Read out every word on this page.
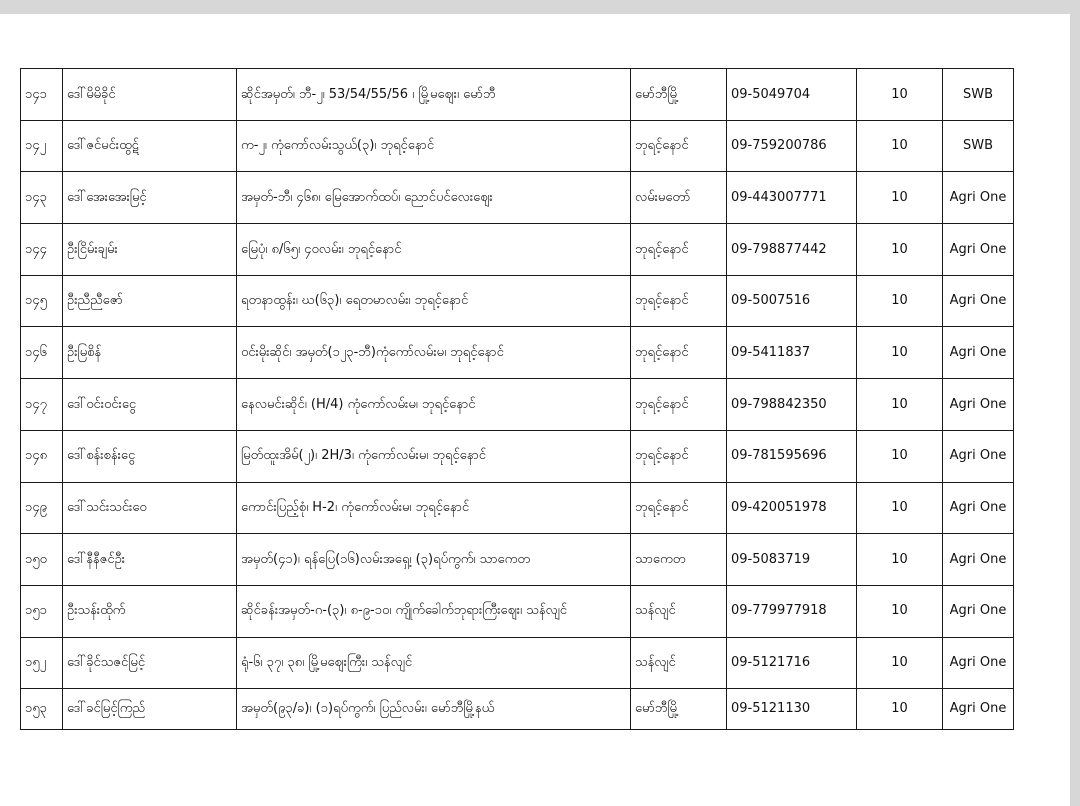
၁၄၁	ဒေါ်မိမိခိုင်	ဆိုင်အမှတ်၊ ဘီ-၂၊ 53/54/55/56 ၊ မြို့မဈေး၊ မော်ဘီ	မော်ဘီမြို့	09-5049704	10	SWB
၁၄၂	ဒေါ်ဇင်မင်းထွဋ်	က-၂၊ ကုံကော်လမ်းသွယ်(၃)၊ ဘုရင့်နောင်	ဘုရင့်နောင်	09-759200786	10	SWB
၁၄၃	ဒေါ်အေးအေးမြင့်	အမှတ်-ဘီ၊ ၄၆၈၊ မြေအောက်ထပ်၊ ညောင်ပင်လေးဈေး	လမ်းမတော်	09-443007771	10	Agri One
၁၄၄	ဦးငြိမ်းချမ်း	မြေပုံ၊ ၈/၆၅၊ ၄ဝလမ်း၊ ဘုရင့်နောင်	ဘုရင့်နောင်	09-798877442	10	Agri One
၁၄၅	ဦးညီညီဇော်	ရတနာထွန်း၊ ဃ(၆၃)၊ ရေတမာလမ်း၊ ဘုရင့်နောင်	ဘုရင့်နောင်	09-5007516	10	Agri One
၁၄၆	ဦးမြစိန်	ဝင်းမိုးဆိုင်၊ အမှတ်(၁၂၃-ဘီ)ကုံကော်လမ်းမ၊ ဘုရင့်နောင်	ဘုရင့်နောင်	09-5411837	10	Agri One
၁၄၇	ဒေါ်ဝင်းဝင်းငွေ	နေလမင်းဆိုင်၊ (H/4) ကုံကော်လမ်းမ၊ ဘုရင့်နောင်	ဘုရင့်နောင်	09-798842350	10	Agri One
၁၄၈	ဒေါ်စန်းစန်းငွေ	မြတ်ထူးအိမ်(၂)၊ 2H/3၊ ကုံကော်လမ်းမ၊ ဘုရင့်နောင်	ဘုရင့်နောင်	09-781595696	10	Agri One
၁၄၉	ဒေါ်သင်းသင်းဝေ	ကောင်းပြည့်စုံ၊ H-2၊ ကုံကော်လမ်းမ၊ ဘုရင့်နောင်	ဘုရင့်နောင်	09-420051978	10	Agri One
၁၅ဝ	ဒေါ်နီနီဇင်ဦး	အမှတ်(၄၁)၊ ရန်ပြေ(၁၆)လမ်းအရှေ့၊ (၃)ရပ်ကွက်၊ သာကေတ	သာကေတ	09-5083719	10	Agri One
၁၅၁	ဦးသန်းထိုက်	ဆိုင်ခန်းအမှတ်-ဂ-(၃)၊ ၈-၉-၁ဝ၊ ကျိုက်ခေါက်ဘုရားကြီးဈေး၊ သန်လျင်	သန်လျင်	09-779977918	10	Agri One
၁၅၂	ဒေါ်ခိုင်သဇင်မြင့်	ရုံ-၆၊ ၃၇၊ ၃၈၊ မြို့မဈေးကြီး၊ သန်လျင်	သန်လျင်	09-5121716	10	Agri One
၁၅၃	ဒေါ်ခင်မြင့်ကြည်	အမှတ်(၉၃/ခ)၊ (၁)ရပ်ကွက်၊ ပြည်လမ်း၊ မော်ဘီမြို့နယ်	မော်ဘီမြို့	09-5121130	10	Agri One
